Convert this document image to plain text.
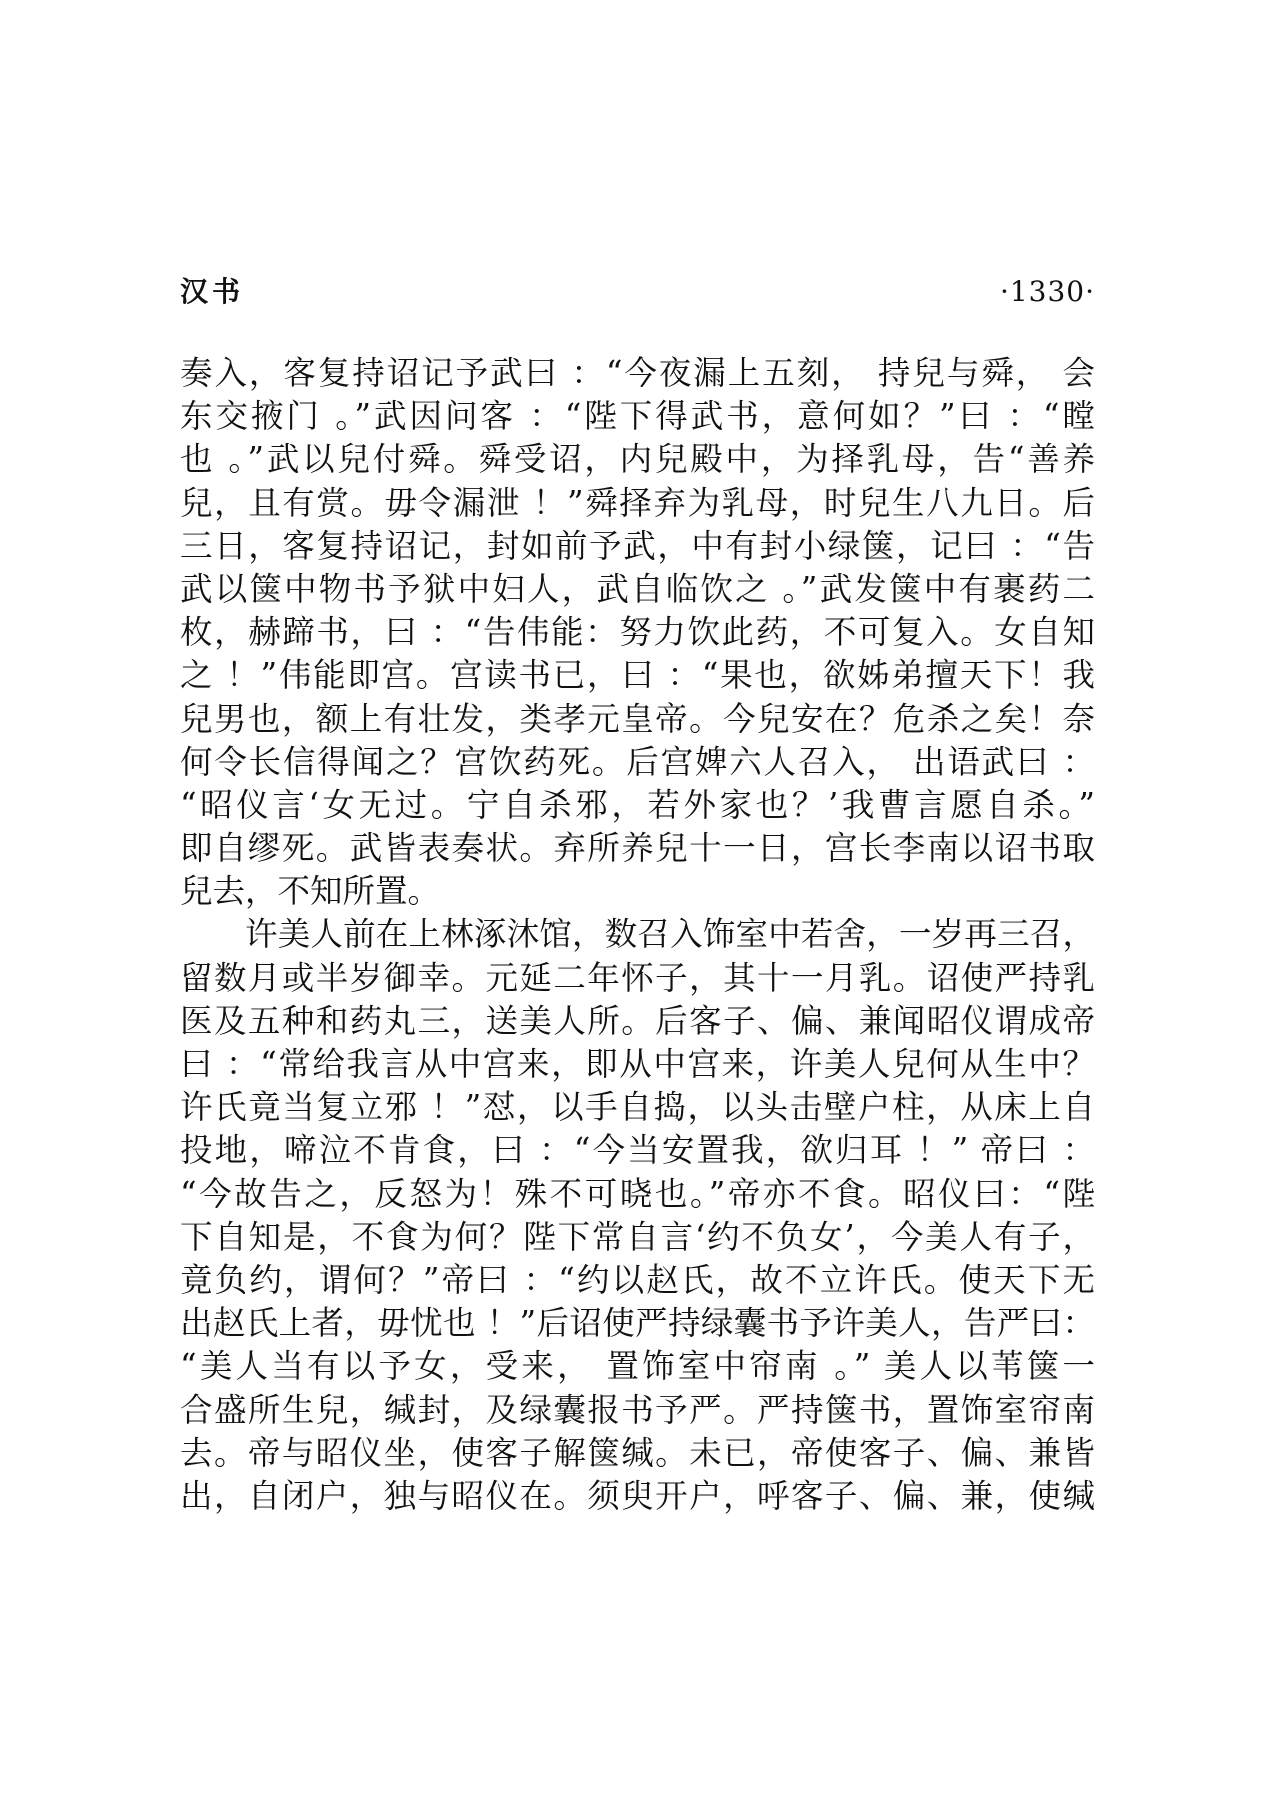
汉书	·1330·
奏入，客复持诏记予武曰 ：“今夜漏上五刻， 持兒与舜， 会
东交掖门 。”武因问客 ：“陛下得武书，意何如？”曰 ：“瞠
也 。”武以兒付舜。舜受诏，内兒殿中，为择乳母，告“善养
兒，且有赏。毋令漏泄 ！”舜择弃为乳母，时兒生八九日。后
三日，客复持诏记，封如前予武，中有封小绿箧，记曰 ：“告
武以箧中物书予狱中妇人，武自临饮之 。”武发箧中有裹药二
枚，赫蹄书，曰 ：“告伟能：努力饮此药，不可复入。女自知
之 ！”伟能即宫。宫读书已，曰 ：“果也，欲姊弟擅天下！我
兒男也，额上有壮发，类孝元皇帝。今兒安在？危杀之矣！奈
何令长信得闻之？宫饮药死。后宫婢六人召入， 出语武曰 ：
“昭仪言‘女无过。宁自杀邪，若外家也？’我曹言愿自杀。”
即自缪死。武皆表奏状。弃所养兒十一日，宫长李南以诏书取
兒去，不知所置。
许美人前在上林涿沐馆，数召入饰室中若舍，一岁再三召，
留数月或半岁御幸。元延二年怀子，其十一月乳。诏使严持乳
医及五种和药丸三，送美人所。后客子、偏、兼闻昭仪谓成帝
曰 ：“常给我言从中宫来，即从中宫来，许美人兒何从生中？
许氏竟当复立邪 ！”怼，以手自捣，以头击壁户柱，从床上自
投地，啼泣不肯食，曰 ：“今当安置我，欲归耳 ！” 帝曰 ：
“今故告之，反怒为！殊不可晓也。”帝亦不食。昭仪曰：“陛
下自知是，不食为何？陛下常自言‘约不负女’，今美人有子，
竟负约，谓何？”帝曰 ：“约以赵氏，故不立许氏。使天下无
出赵氏上者，毋忧也 ！”后诏使严持绿囊书予许美人，告严曰：
“美人当有以予女，受来， 置饰室中帘南 。” 美人以苇箧一
合盛所生兒，缄封，及绿囊报书予严。严持箧书，置饰室帘南
去。帝与昭仪坐，使客子解箧缄。未已，帝使客子、偏、兼皆
出，自闭户，独与昭仪在。须臾开户，呼客子、偏、兼，使缄
